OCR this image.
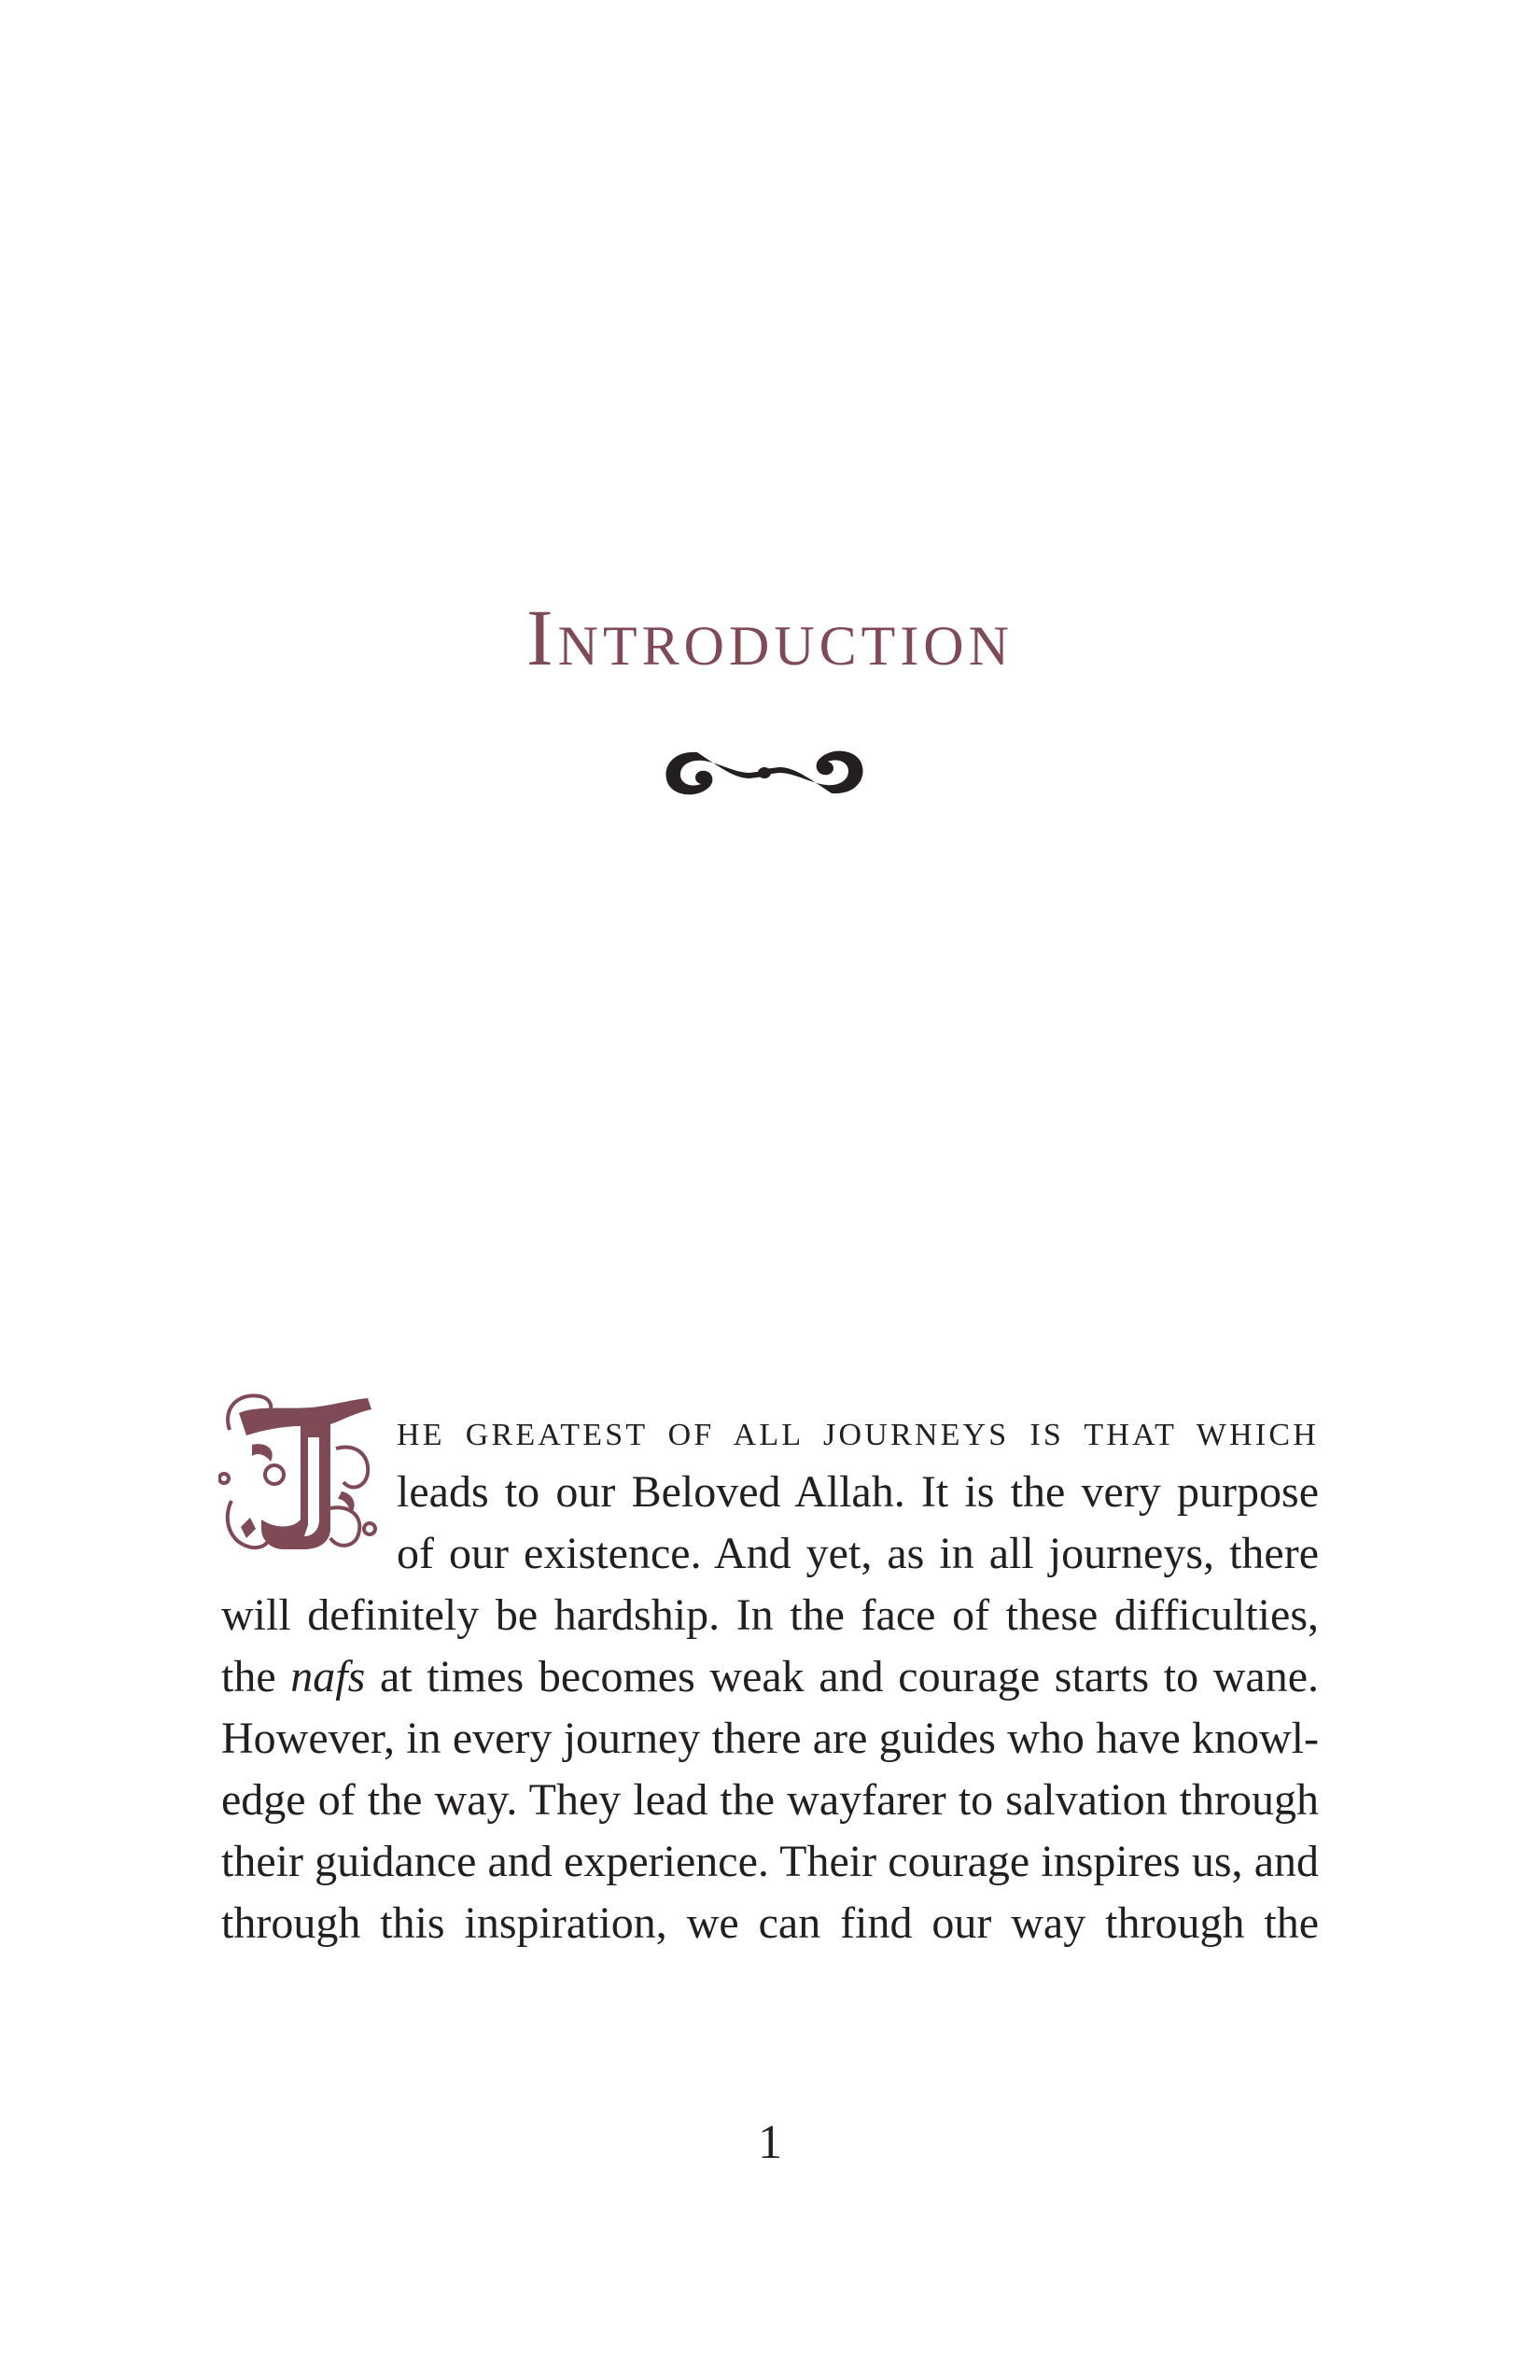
Introduction
HE GREATEST OF ALL JOURNEYS IS THAT WHICH
leads to our Beloved Allah. It is the very purpose
of our existence. And yet, as in all journeys, there
will definitely be hardship. In the face of these difficulties,
the nafs at times becomes weak and courage starts to wane.
However, in every journey there are guides who have knowl-
edge of the way. They lead the wayfarer to salvation through
their guidance and experience. Their courage inspires us, and
through this inspiration, we can find our way through the
1
